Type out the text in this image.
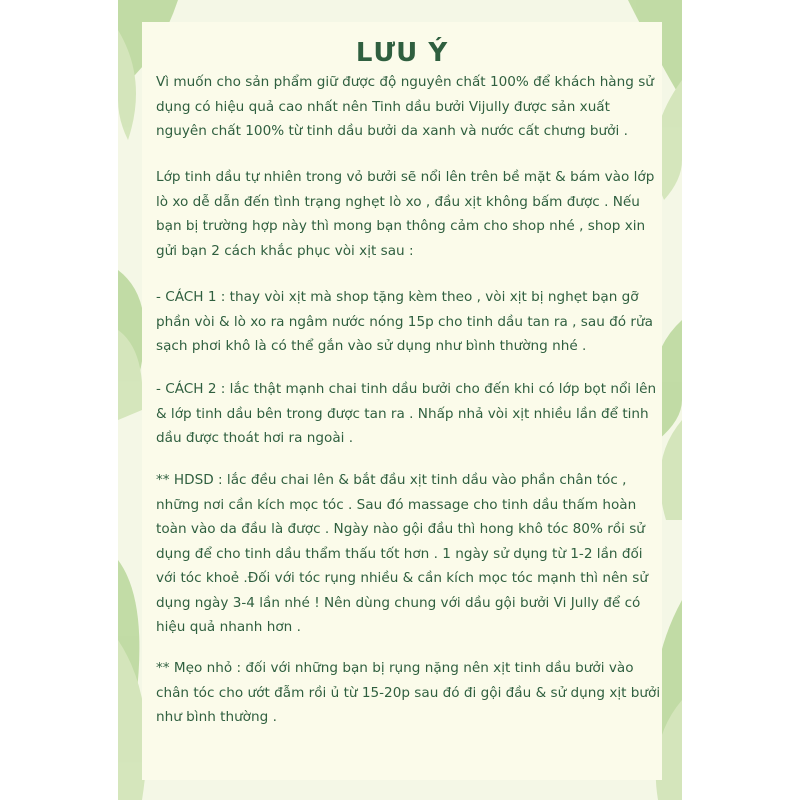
LƯU Ý
Vì muốn cho sản phẩm giữ được độ nguyên chất 100% để khách hàng sử
dụng có hiệu quả cao nhất nên Tinh dầu bưởi Vijully được sản xuất
nguyên chất 100% từ tinh dầu bưởi da xanh và nước cất chưng bưởi .
Lớp tinh dầu tự nhiên trong vỏ bưởi sẽ nổi lên trên bề mặt & bám vào lớp
lò xo dễ dẫn đến tình trạng nghẹt lò xo , đầu xịt không bấm được . Nếu
bạn bị trường hợp này thì mong bạn thông cảm cho shop nhé , shop xin
gửi bạn 2 cách khắc phục vòi xịt sau :
- CÁCH 1 : thay vòi xịt mà shop tặng kèm theo , vòi xịt bị nghẹt bạn gỡ
phần vòi & lò xo ra ngâm nước nóng 15p cho tinh dầu tan ra , sau đó rửa
sạch phơi khô là có thể gắn vào sử dụng như bình thường nhé .
- CÁCH 2 : lắc thật mạnh chai tinh dầu bưởi cho đến khi có lớp bọt nổi lên
& lớp tinh dầu bên trong được tan ra . Nhấp nhả vòi xịt nhiều lần để tinh
dầu được thoát hơi ra ngoài .
** HDSD : lắc đều chai lên & bắt đầu xịt tinh dầu vào phần chân tóc ,
những nơi cần kích mọc tóc . Sau đó massage cho tinh dầu thấm hoàn
toàn vào da đầu là được . Ngày nào gội đầu thì hong khô tóc 80% rồi sử
dụng để cho tinh dầu thẩm thấu tốt hơn . 1 ngày sử dụng từ 1-2 lần đối
với tóc khoẻ .Đối với tóc rụng nhiều & cần kích mọc tóc mạnh thì nên sử
dụng ngày 3-4 lần nhé ! Nên dùng chung với dầu gội bưởi Vi Jully để có
hiệu quả nhanh hơn .
** Mẹo nhỏ : đối với những bạn bị rụng nặng nên xịt tinh dầu bưởi vào
chân tóc cho ướt đẫm rồi ủ từ 15-20p sau đó đi gội đầu & sử dụng xịt bưởi
như bình thường .
